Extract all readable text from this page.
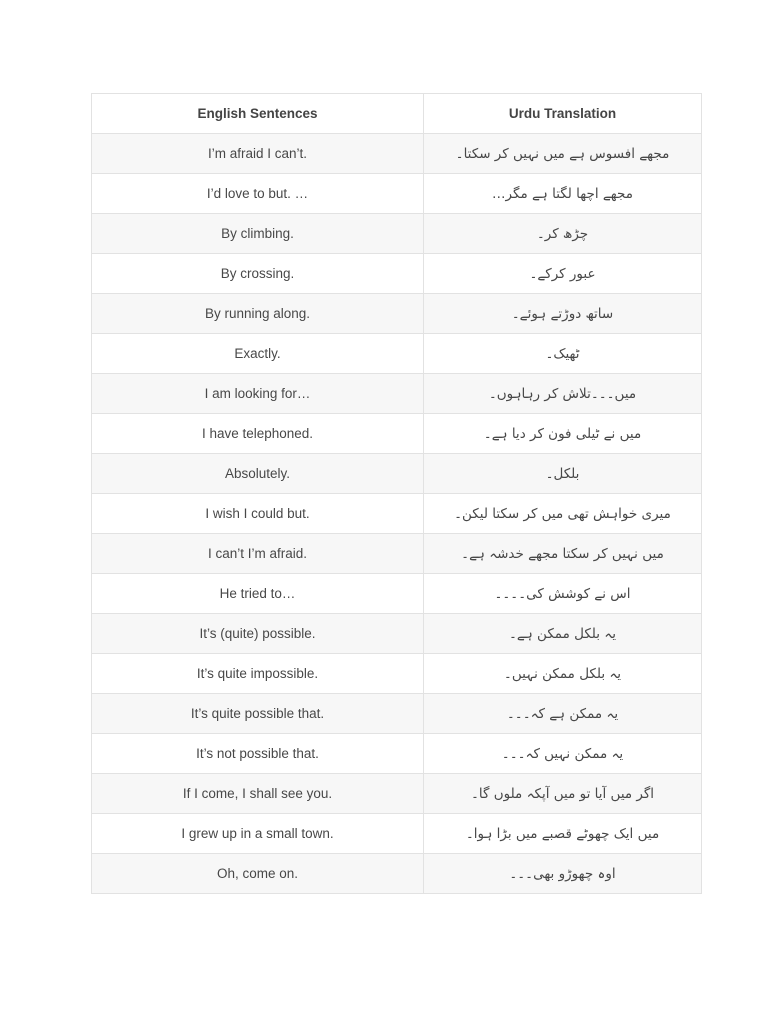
English Sentences	Urdu Translation
I’m afraid I can’t.	مجھے افسوس ہے میں نہیں کر سکتا۔
I’d love to but. …	مجھے اچھا لگتا ہے مگر…
By climbing.	چڑھ کر۔
By crossing.	عبور کرکے۔
By running along.	ساتھ دوڑتے ہوئے۔
Exactly.	ٹھیک۔
I am looking for…	میں۔۔۔تلاش کر رہاہوں۔
I have telephoned.	میں نے ٹیلی فون کر دیا ہے۔
Absolutely.	بلکل۔
I wish I could but.	میری خواہش تھی میں کر سکتا لیکن۔
I can’t I’m afraid.	میں نہیں کر سکتا مجھے خدشہ ہے۔
He tried to…	اس نے کوشش کی۔۔۔۔
It’s (quite) possible.	یہ بلکل ممکن ہے۔
It’s quite impossible.	یہ بلکل ممکن نہیں۔
It’s quite possible that.	یہ ممکن ہے کہ۔۔۔
It’s not possible that.	یہ ممکن نہیں کہ۔۔۔
If I come, I shall see you.	اگر میں آیا تو میں آپکہ ملوں گا۔
I grew up in a small town.	میں ایک چھوٹے قصبے میں بڑا ہوا۔
Oh, come on.	اوہ چھوڑو بھی۔۔۔
